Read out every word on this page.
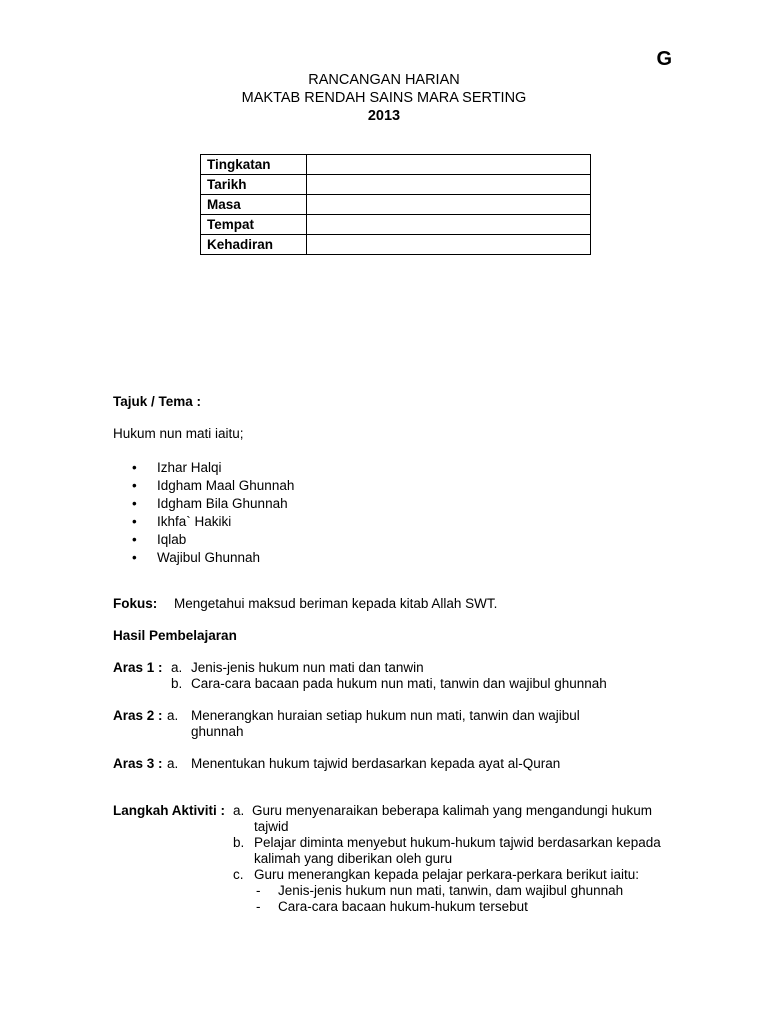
G
RANCANGAN HARIAN
MAKTAB RENDAH SAINS MARA SERTING
2013
Tingkatan	
Tarikh	
Masa	
Tempat	
Kehadiran	
Tajuk / Tema :
Hukum nun mati iaitu;
• Izhar Halqi
• Idgham Maal Ghunnah
• Idgham Bila Ghunnah
• Ikhfa` Hakiki
• Iqlab
• Wajibul Ghunnah
Fokus: Mengetahui maksud beriman kepada kitab Allah SWT.
Hasil Pembelajaran
Aras 1 : a. Jenis-jenis hukum nun mati dan tanwin
b. Cara-cara bacaan pada hukum nun mati, tanwin dan wajibul ghunnah
Aras 2 : a. Menerangkan huraian setiap hukum nun mati, tanwin dan wajibul
ghunnah
Aras 3 : a. Menentukan hukum tajwid berdasarkan kepada ayat al-Quran
Langkah Aktiviti : a. Guru menyenaraikan beberapa kalimah yang mengandungi hukum
tajwid
b. Pelajar diminta menyebut hukum-hukum tajwid berdasarkan kepada
kalimah yang diberikan oleh guru
c. Guru menerangkan kepada pelajar perkara-perkara berikut iaitu:
- Jenis-jenis hukum nun mati, tanwin, dam wajibul ghunnah
- Cara-cara bacaan hukum-hukum tersebut
